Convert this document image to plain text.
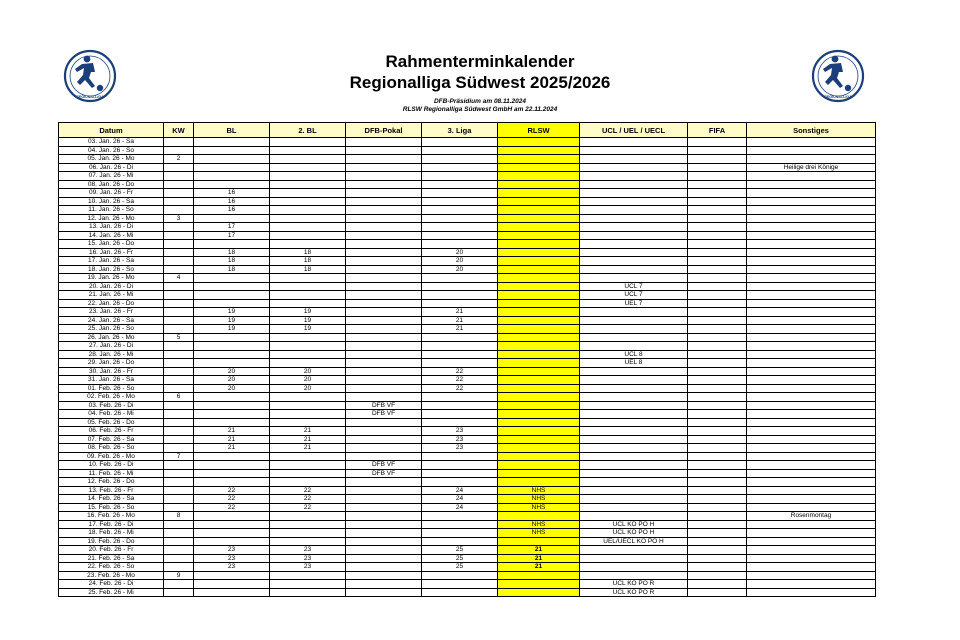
REGIONALLIGA	REGIONALLIGA
Rahmenterminkalender
Regionalliga Südwest 2025/2026
DFB-Präsidium am 08.11.2024
RLSW Regionalliga Südwest GmbH am 22.11.2024
Datum	KW	BL	2. BL	DFB-Pokal	3. Liga	RLSW	UCL / UEL / UECL	FIFA	Sonstiges
03. Jan. 26 - Sa									
04. Jan. 26 - So									
05. Jan. 26 - Mo	2								
06. Jan. 26 - Di									Heilige drei Könige
07. Jan. 26 - Mi									
08. Jan. 26 - Do									
09. Jan. 26 - Fr		16							
10. Jan. 26 - Sa		16							
11. Jan. 26 - So		16							
12. Jan. 26 - Mo	3								
13. Jan. 26 - Di		17							
14. Jan. 26 - Mi		17							
15. Jan. 26 - Do									
16. Jan. 26 - Fr		18	18		20				
17. Jan. 26 - Sa		18	18		20				
18. Jan. 26 - So		18	18		20				
19. Jan. 26 - Mo	4								
20. Jan. 26 - Di							UCL 7		
21. Jan. 26 - Mi							UCL 7		
22. Jan. 26 - Do							UEL 7		
23. Jan. 26 - Fr		19	19		21				
24. Jan. 26 - Sa		19	19		21				
25. Jan. 26 - So		19	19		21				
26. Jan. 26 - Mo	5								
27. Jan. 26 - Di									
28. Jan. 26 - Mi							UCL 8		
29. Jan. 26 - Do							UEL 8		
30. Jan. 26 - Fr		20	20		22				
31. Jan. 26 - Sa		20	20		22				
01. Feb. 26 - So		20	20		22				
02. Feb. 26 - Mo	6								
03. Feb. 26 - Di				DFB VF					
04. Feb. 26 - Mi				DFB VF					
05. Feb. 26 - Do									
06. Feb. 26 - Fr		21	21		23				
07. Feb. 26 - Sa		21	21		23				
08. Feb. 26 - So		21	21		23				
09. Feb. 26 - Mo	7								
10. Feb. 26 - Di				DFB VF					
11. Feb. 26 - Mi				DFB VF					
12. Feb. 26 - Do									
13. Feb. 26 - Fr		22	22		24	NHS			
14. Feb. 26 - Sa		22	22		24	NHS			
15. Feb. 26 - So		22	22		24	NHS			
16. Feb. 26 - Mo	8								Rosenmontag
17. Feb. 26 - Di						NHS	UCL KO PO H		
18. Feb. 26 - Mi						NHS	UCL KO PO H		
19. Feb. 26 - Do							UEL/UECL KO PO H		
20. Feb. 26 - Fr		23	23		25	21			
21. Feb. 26 - Sa		23	23		25	21			
22. Feb. 26 - So		23	23		25	21			
23. Feb. 26 - Mo	9								
24. Feb. 26 - Di							UCL KO PO R		
25. Feb. 26 - Mi							UCL KO PO R		
